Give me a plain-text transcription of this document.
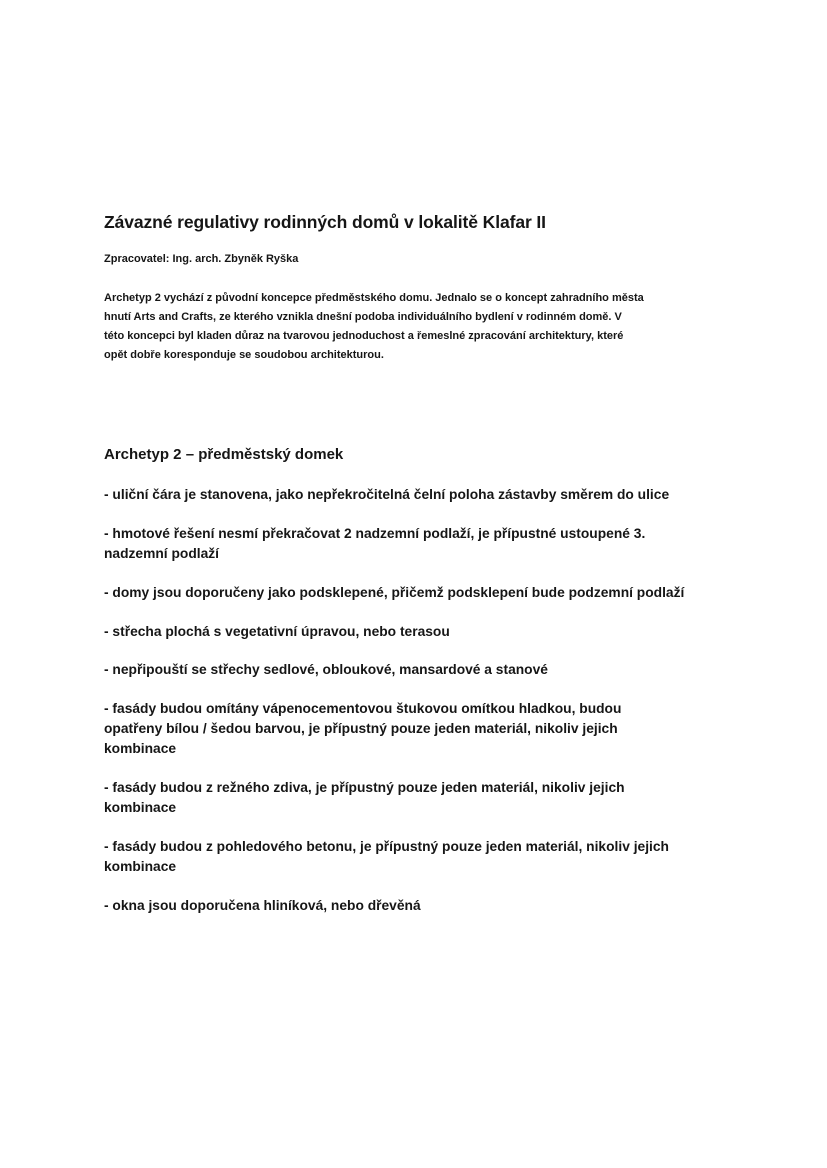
Závazné regulativy rodinných domů v lokalitě Klafar II
Zpracovatel: Ing. arch. Zbyněk Ryška
Archetyp 2 vychází z původní koncepce předměstského domu. Jednalo se o koncept zahradního města
hnutí Arts and Crafts, ze kterého vznikla dnešní podoba individuálního bydlení v rodinném domě. V
této koncepci byl kladen důraz na tvarovou jednoduchost a řemeslné zpracování architektury, které
opět dobře koresponduje se soudobou architekturou.
Archetyp 2 – předměstský domek
- uliční čára je stanovena, jako nepřekročitelná čelní poloha zástavby směrem do ulice
- hmotové řešení nesmí překračovat 2 nadzemní podlaží, je přípustné ustoupené 3.
nadzemní podlaží
- domy jsou doporučeny jako podsklepené, přičemž podsklepení bude podzemní podlaží
- střecha plochá s vegetativní úpravou, nebo terasou
- nepřipouští se střechy sedlové, obloukové, mansardové a stanové
- fasády budou omítány vápenocementovou štukovou omítkou hladkou, budou
opatřeny bílou / šedou barvou, je přípustný pouze jeden materiál, nikoliv jejich
kombinace
- fasády budou z režného zdiva, je přípustný pouze jeden materiál, nikoliv jejich
kombinace
- fasády budou z pohledového betonu, je přípustný pouze jeden materiál, nikoliv jejich
kombinace
- okna jsou doporučena hliníková, nebo dřevěná
